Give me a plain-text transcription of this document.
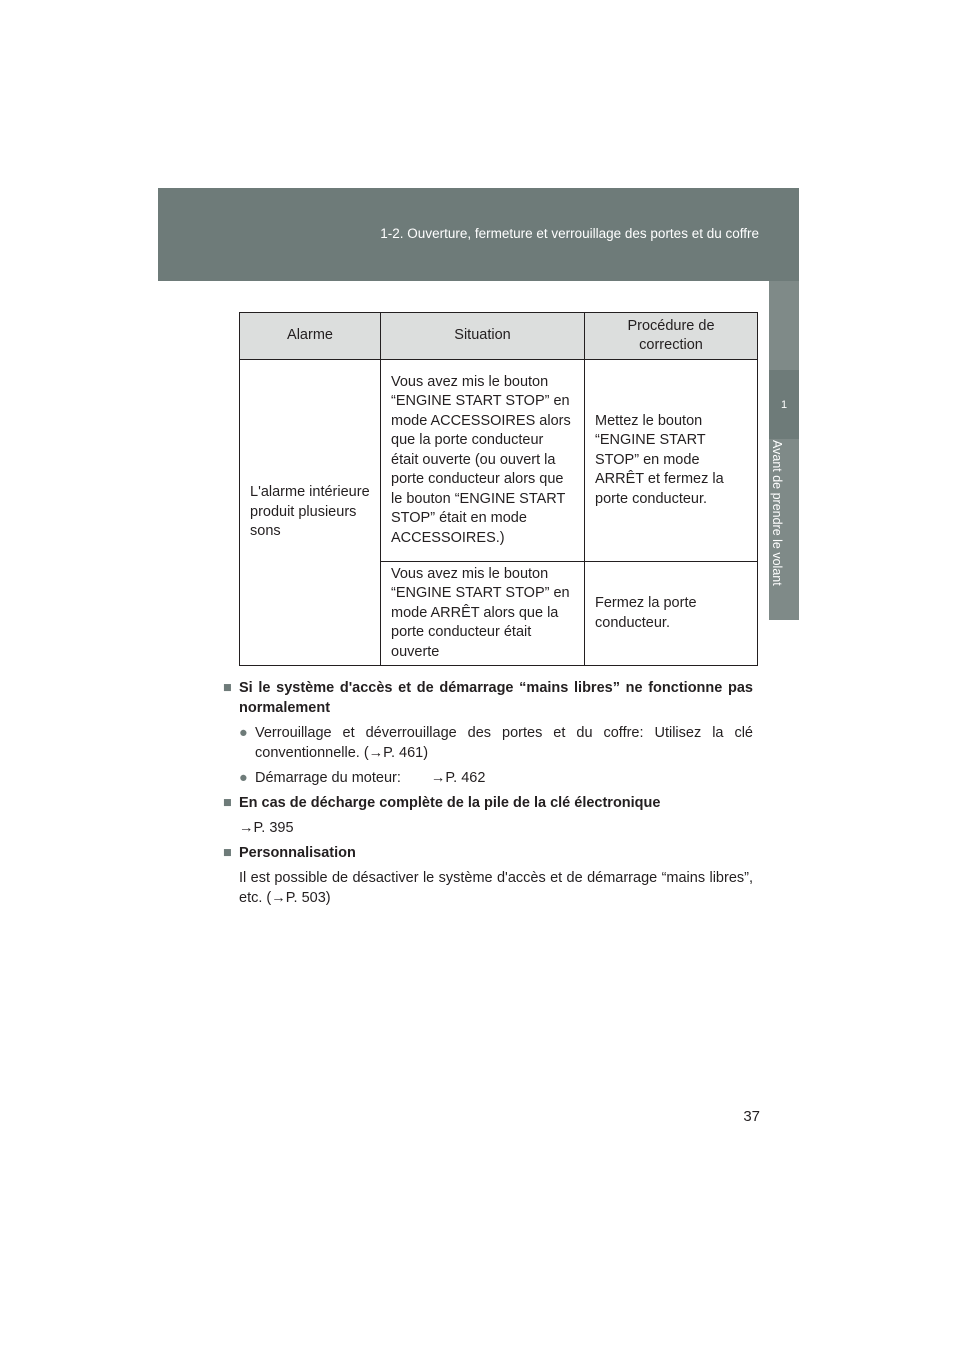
1-2. Ouverture, fermeture et verrouillage des portes et du coffre
1
Avant de prendre le volant
Alarme	Situation	Procédure de correction
L'alarme intérieure produit plusieurs sons	Vous avez mis le bouton “ENGINE START STOP” en mode ACCESSOIRES alors que la porte conducteur était ouverte (ou ouvert la porte conducteur alors que le bouton “ENGINE START STOP” était en mode ACCESSOIRES.)	Mettez le bouton “ENGINE START STOP” en mode ARRÊT et fermez la porte conducteur.
	Vous avez mis le bouton “ENGINE START STOP” en mode ARRÊT alors que la porte conducteur était ouverte	Fermez la porte conducteur.

■ Si le système d'accès et de démarrage “mains libres” ne fonctionne pas normalement

● Verrouillage et déverrouillage des portes et du coffre: Utilisez la clé conventionnelle. (→P. 461)

● Démarrage du moteur: →P. 462

■ En cas de décharge complète de la pile de la clé électronique

→P. 395

■ Personnalisation

Il est possible de désactiver le système d'accès et de démarrage “mains libres”, etc. (→P. 503)

37
